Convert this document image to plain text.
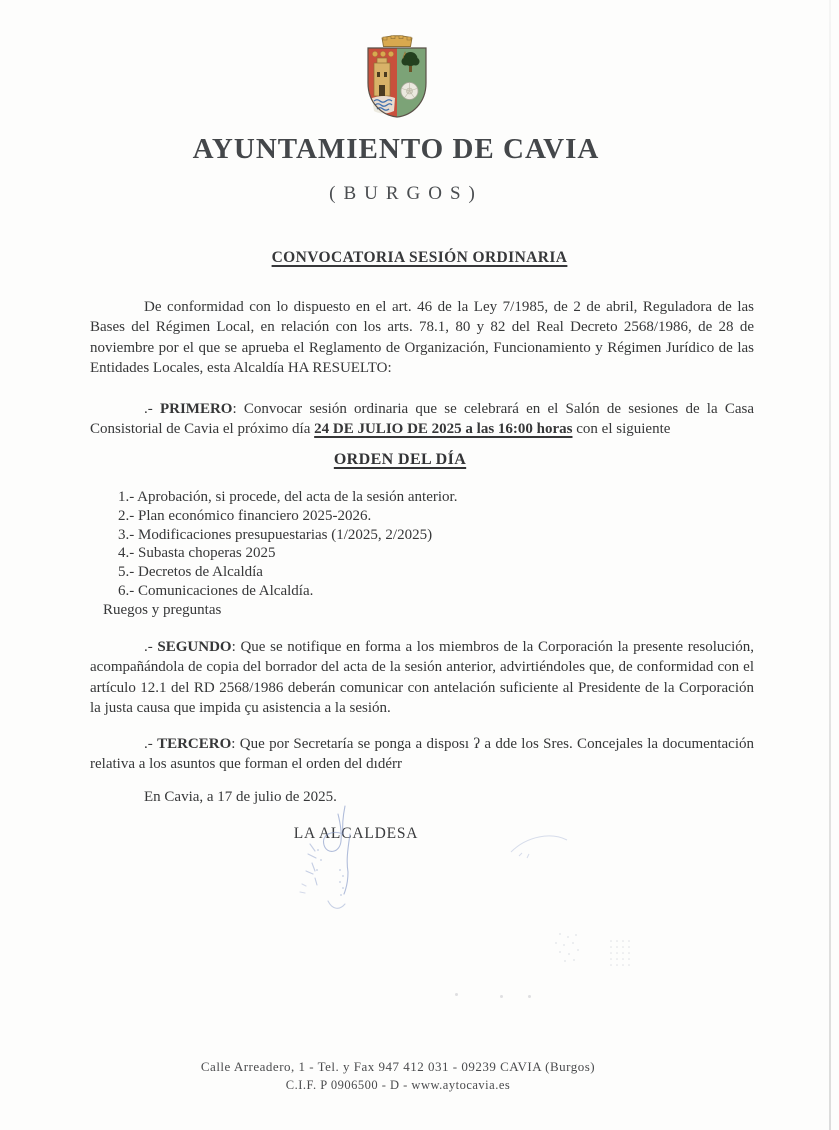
AYUNTAMIENTO DE CAVIA
(BURGOS)
CONVOCATORIA SESIÓN ORDINARIA

De conformidad con lo dispuesto en el art. 46 de la Ley 7/1985, de 2 de abril, Reguladora de las Bases del Régimen Local, en relación con los arts. 78.1, 80 y 82 del Real Decreto 2568/1986, de 28 de noviembre por el que se aprueba el Reglamento de Organización, Funcionamiento y Régimen Jurídico de las Entidades Locales, esta Alcaldía HA RESUELTO:

.- PRIMERO: Convocar sesión ordinaria que se celebrará en el Salón de sesiones de la Casa Consistorial de Cavia el próximo día 24 DE JULIO DE 2025 a las 16:00 horas con el siguiente

ORDEN DEL DÍA
1.- Aprobación, si procede, del acta de la sesión anterior.
2.- Plan económico financiero 2025-2026.
3.- Modificaciones presupuestarias (1/2025, 2/2025)
4.- Subasta choperas 2025
5.- Decretos de Alcaldía
6.- Comunicaciones de Alcaldía.
Ruegos y preguntas

.- SEGUNDO: Que se notifique en forma a los miembros de la Corporación la presente resolución, acompañándola de copia del borrador del acta de la sesión anterior, advirtiéndoles que, de conformidad con el artículo 12.1 del RD 2568/1986 deberán comunicar con antelación suficiente al Presidente de la Corporación la justa causa que impida çu asistencia a la sesión.

.- TERCERO: Que por Secretaría se ponga a disposı ʔ a dde los Sres. Concejales la documentación relativa a los asuntos que forman el orden del dıdérr

En Cavia, a 17 de julio de 2025.

LA ALCALDESA
Calle Arreadero, 1 - Tel. y Fax 947 412 031 - 09239 CAVIA (Burgos)
C.I.F. P 0906500 - D - www.aytocavia.es
